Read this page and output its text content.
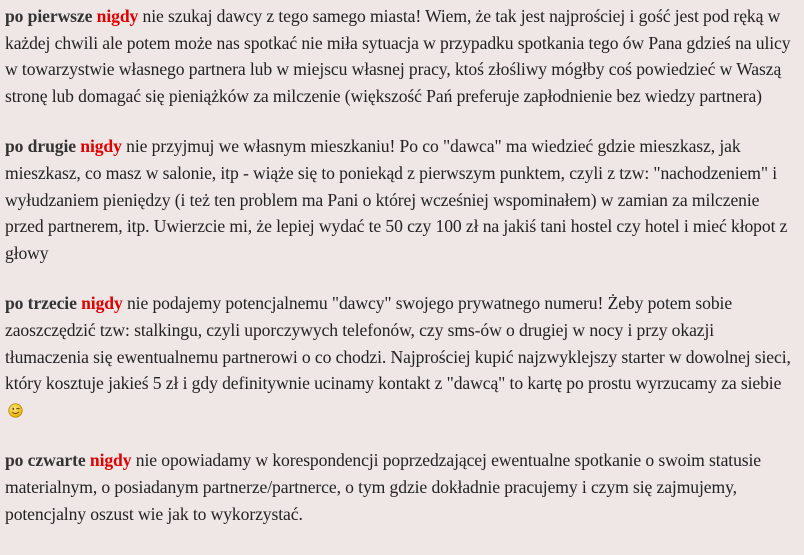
po pierwsze nigdy nie szukaj dawcy z tego samego miasta! Wiem, że tak jest najprościej i gość jest pod ręką w każdej chwili ale potem może nas spotkać nie miła sytuacja w przypadku spotkania tego ów Pana gdzieś na ulicy w towarzystwie własnego partnera lub w miejscu własnej pracy, ktoś złośliwy mógłby coś powiedzieć w Waszą stronę lub domagać się pieniążków za milczenie (większość Pań preferuje zapłodnienie bez wiedzy partnera)

po drugie nigdy nie przyjmuj we własnym mieszkaniu! Po co "dawca" ma wiedzieć gdzie mieszkasz, jak mieszkasz, co masz w salonie, itp - wiąże się to poniekąd z pierwszym punktem, czyli z tzw: "nachodzeniem" i wyłudzaniem pieniędzy (i też ten problem ma Pani o której wcześniej wspominałem) w zamian za milczenie przed partnerem, itp. Uwierzcie mi, że lepiej wydać te 50 czy 100 zł na jakiś tani hostel czy hotel i mieć kłopot z głowy

po trzecie nigdy nie podajemy potencjalnemu "dawcy" swojego prywatnego numeru! Żeby potem sobie zaoszczędzić tzw: stalkingu, czyli uporczywych telefonów, czy sms-ów o drugiej w nocy i przy okazji tłumaczenia się ewentualnemu partnerowi o co chodzi. Najprościej kupić najzwyklejszy starter w dowolnej sieci, który kosztuje jakieś 5 zł i gdy definitywnie ucinamy kontakt z "dawcą" to kartę po prostu wyrzucamy za siebie

po czwarte nigdy nie opowiadamy w korespondencji poprzedzającej ewentualne spotkanie o swoim statusie materialnym, o posiadanym partnerze/partnerce, o tym gdzie dokładnie pracujemy i czym się zajmujemy, potencjalny oszust wie jak to wykorzystać.
